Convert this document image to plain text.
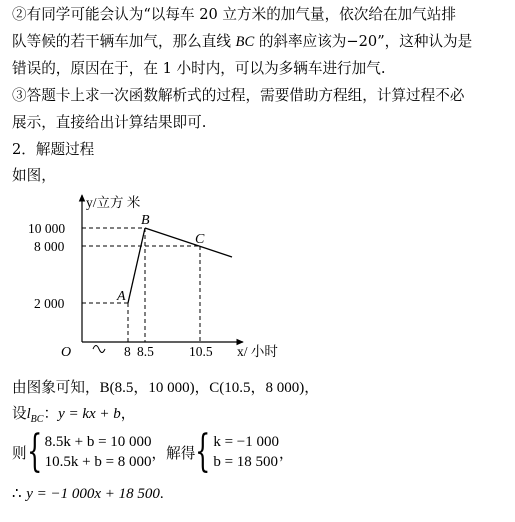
②有同学可能会认为“以每车 20 立方米的加气量，依次给在加气站排
队等候的若干辆车加气，那么直线 BC 的斜率应该为−20”，这种认为是
错误的，原因在于，在 1 小时内，可以为多辆车进行加气.
③答题卡上求一次函数解析式的过程，需要借助方程组，计算过程不必
展示，直接给出计算结果即可.
2．解题过程
如图，
A
B
C
10 000
8 000
2 000
8 8.5	10.5
O
y/立方 米
x/ 小时
由图象可知，B(8.5，10 000)，C(10.5，8 000)，
设$l_{BC}$：y = kx + b，
则 { 8.5k + b = 10 000
10.5k + b = 8 000
，解得 { k = −1 000
b = 18 500
，
∴ y = −1 000x + 18 500.
